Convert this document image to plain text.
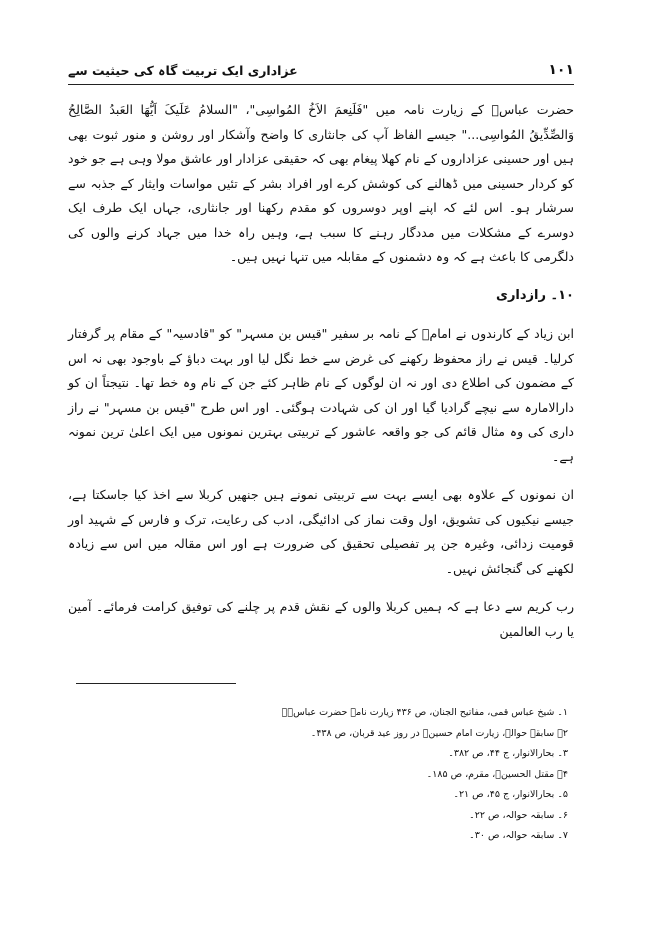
۱۰۱
عزاداری ایک تربیت گاہ کی حیثیت سے

حضرت عباسؑ کے زیارت نامہ میں "فَلَنِعمَ الاَخُ المُواسِی"، "السلامُ عَلَیکَ اَیُّھَا العَبدُ الصَّالِحُ وَالصِّدِّیقُ المُواسِی..." جیسے الفاظ آپ کی جانثاری کا واضح وآشکار اور روشن و منور ثبوت بھی ہیں اور حسینی عزاداروں کے نام کھلا پیغام بھی کہ حقیقی عزادار اور عاشق مولا وہی ہے جو خود کو کردار حسینی میں ڈھالنے کی کوشش کرے اور افراد بشر کے تئیں مواسات وایثار کے جذبہ سے سرشار ہو۔ اس لئے کہ اپنے اوپر دوسروں کو مقدم رکھنا اور جانثاری، جہاں ایک طرف ایک دوسرے کے مشکلات میں مددگار رہنے کا سبب ہے، وہیں راہ خدا میں جہاد کرنے والوں کی دلگرمی کا باعث ہے کہ وہ دشمنوں کے مقابلہ میں تنہا نہیں ہیں۔

۱۰۔ رازداری

ابن زیاد کے کارندوں نے امامؑ کے نامہ بر سفیر "قیس بن مسہر" کو "قادسیہ" کے مقام پر گرفتار کرلیا۔ قیس نے راز محفوظ رکھنے کی غرض سے خط نگل لیا اور بہت دباؤ کے باوجود بھی نہ اس کے مضمون کی اطلاع دی اور نہ ان لوگوں کے نام ظاہر کئے جن کے نام وہ خط تھا۔ نتیجتاً ان کو دارالامارہ سے نیچے گرادیا گیا اور ان کی شہادت ہوگئی۔ اور اس طرح "قیس بن مسہر" نے راز داری کی وہ مثال قائم کی جو واقعہ عاشور کے تربیتی بہترین نمونوں میں ایک اعلیٰ ترین نمونہ ہے۔

ان نمونوں کے علاوہ بھی ایسے بہت سے تربیتی نمونے ہیں جنھیں کربلا سے اخذ کیا جاسکتا ہے، جیسے نیکیوں کی تشویق، اول وقت نماز کی ادائیگی، ادب کی رعایت، ترک و فارس کے شہید اور قومیت زدائی، وغیرہ جن پر تفصیلی تحقیق کی ضرورت ہے اور اس مقالہ میں اس سے زیادہ لکھنے کی گنجائش نہیں۔

رب کریم سے دعا ہے کہ ہمیں کربلا والوں کے نقش قدم پر چلنے کی توفیق کرامت فرمائے۔ آمین یا رب العالمین

۱۔ شیخ عباس قمی، مفاتیح الجنان، ص ۴۳۶ زیارت نامہ حضرت عباسؑ۔

۲۔ سابقہ حوالہ، زیارت امام حسینؑ در روز عید قربان، ص ۴۳۸۔

۳۔ بحارالانوار، ج ۴۴، ص ۳۸۲۔

۴۔ مقتل الحسینؑ، مقرم، ص ۱۸۵۔

۵۔ بحارالانوار، ج ۴۵، ص ۲۱۔

۶۔ سابقہ حوالہ، ص ۲۲۔

۷۔ سابقہ حوالہ، ص ۳۰۔
